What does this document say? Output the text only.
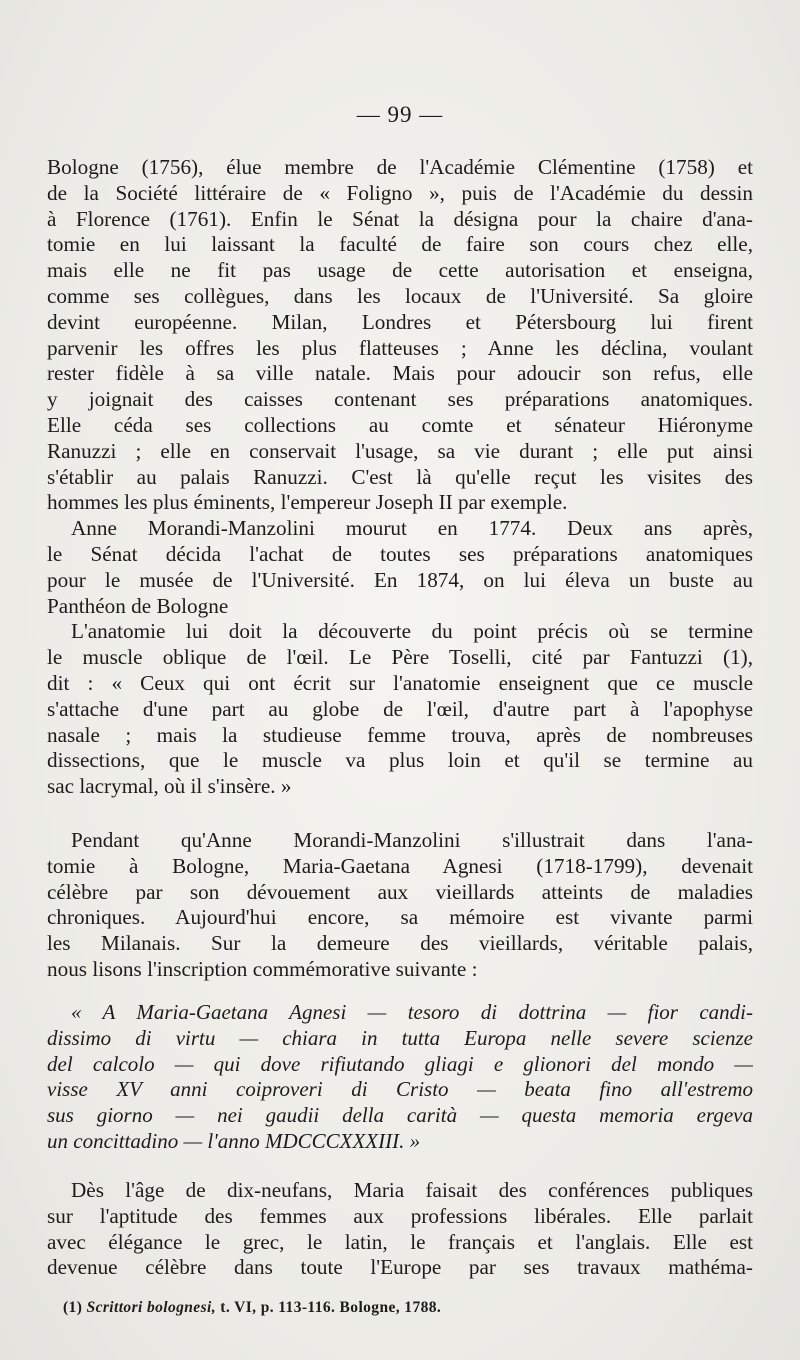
— 99 —
Bologne (1756), élue membre de l'Académie Clémentine (1758) et
de la Société littéraire de « Foligno », puis de l'Académie du dessin
à Florence (1761). Enfin le Sénat la désigna pour la chaire d'ana-
tomie en lui laissant la faculté de faire son cours chez elle,
mais elle ne fit pas usage de cette autorisation et enseigna,
comme ses collègues, dans les locaux de l'Université. Sa gloire
devint européenne. Milan, Londres et Pétersbourg lui firent
parvenir les offres les plus flatteuses ; Anne les déclina, voulant
rester fidèle à sa ville natale. Mais pour adoucir son refus, elle
y joignait des caisses contenant ses préparations anatomiques.
Elle céda ses collections au comte et sénateur Hiéronyme
Ranuzzi ; elle en conservait l'usage, sa vie durant ; elle put ainsi
s'établir au palais Ranuzzi. C'est là qu'elle reçut les visites des
hommes les plus éminents, l'empereur Joseph II par exemple.
Anne Morandi-Manzolini mourut en 1774. Deux ans après,
le Sénat décida l'achat de toutes ses préparations anatomiques
pour le musée de l'Université. En 1874, on lui éleva un buste au
Panthéon de Bologne
L'anatomie lui doit la découverte du point précis où se termine
le muscle oblique de l'œil. Le Père Toselli, cité par Fantuzzi (1),
dit : « Ceux qui ont écrit sur l'anatomie enseignent que ce muscle
s'attache d'une part au globe de l'œil, d'autre part à l'apophyse
nasale ; mais la studieuse femme trouva, après de nombreuses
dissections, que le muscle va plus loin et qu'il se termine au
sac lacrymal, où il s'insère. »
Pendant qu'Anne Morandi-Manzolini s'illustrait dans l'ana-
tomie à Bologne, Maria-Gaetana Agnesi (1718-1799), devenait
célèbre par son dévouement aux vieillards atteints de maladies
chroniques. Aujourd'hui encore, sa mémoire est vivante parmi
les Milanais. Sur la demeure des vieillards, véritable palais,
nous lisons l'inscription commémorative suivante :
« A Maria-Gaetana Agnesi — tesoro di dottrina — fior candi-
dissimo di virtu — chiara in tutta Europa nelle severe scienze
del calcolo — qui dove rifiutando gliagi e glionori del mondo —
visse XV anni coiproveri di Cristo — beata fino all'estremo
sus giorno — nei gaudii della carità — questa memoria ergeva
un concittadino — l'anno MDCCCXXXIII. »
Dès l'âge de dix-neufans, Maria faisait des conférences publiques
sur l'aptitude des femmes aux professions libérales. Elle parlait
avec élégance le grec, le latin, le français et l'anglais. Elle est
devenue célèbre dans toute l'Europe par ses travaux mathéma-
(1) Scrittori bolognesi, t. VI, p. 113-116. Bologne, 1788.
